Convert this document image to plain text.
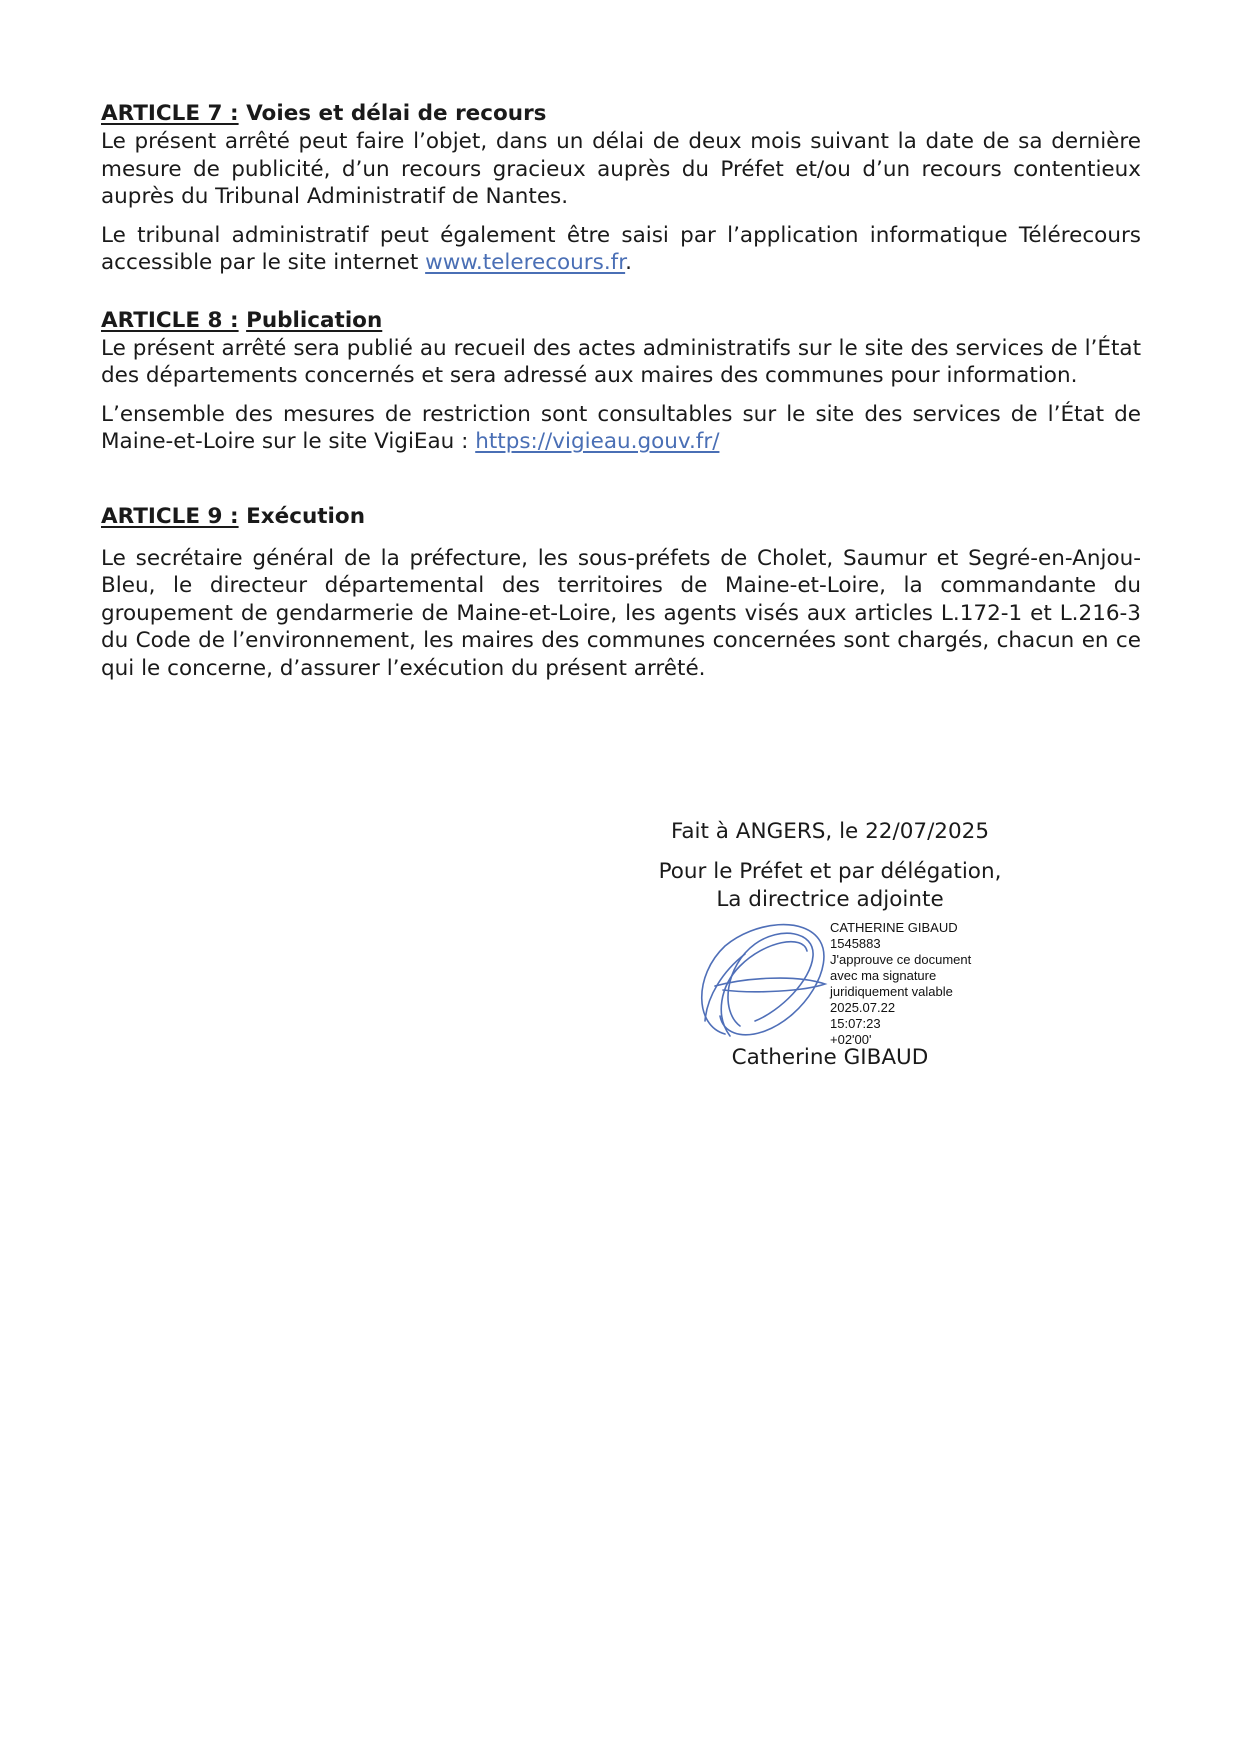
ARTICLE 7 : Voies et délai de recours

Le présent arrêté peut faire l’objet, dans un délai de deux mois suivant la date de sa dernière mesure de publicité, d’un recours gracieux auprès du Préfet et/ou d’un recours contentieux auprès du Tribunal Administratif de Nantes.

Le tribunal administratif peut également être saisi par l’application informatique Télérecours accessible par le site internet www.telerecours.fr.

ARTICLE 8 : Publication

Le présent arrêté sera publié au recueil des actes administratifs sur le site des services de l’État des départements concernés et sera adressé aux maires des communes pour information.

L’ensemble des mesures de restriction sont consultables sur le site des services de l’État de Maine-et-Loire sur le site VigiEau : https://vigieau.gouv.fr/

ARTICLE 9 : Exécution

Le secrétaire général de la préfecture, les sous-préfets de Cholet, Saumur et Segré-en-Anjou-Bleu, le directeur départemental des territoires de Maine-et-Loire, la commandante du groupement de gendarmerie de Maine-et-Loire, les agents visés aux articles L.172-1 et L.216-3 du Code de l’environnement, les maires des communes concernées sont chargés, chacun en ce qui le concerne, d’assurer l’exécution du présent arrêté.

Fait à ANGERS, le 22/07/2025

Pour le Préfet et par délégation,

La directrice adjointe

CATHERINE GIBAUD
1545883
J'approuve ce document
avec ma signature
juridiquement valable
2025.07.22
15:07:23
+02'00'

Catherine GIBAUD
